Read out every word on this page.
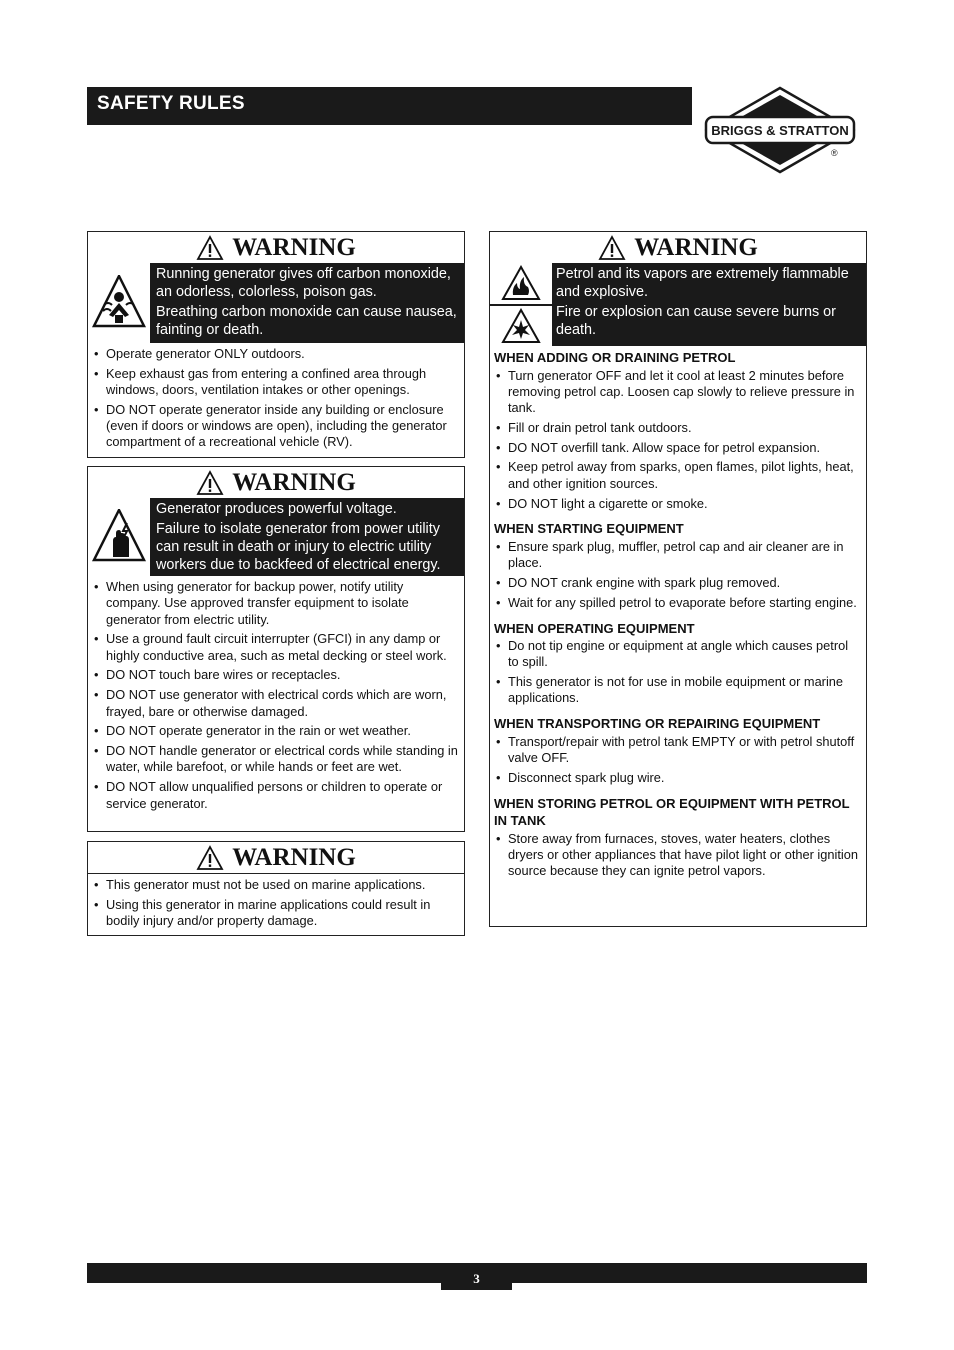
SAFETY RULES
BRIGGS & STRATTON
®
WARNING

Running generator gives off carbon monoxide, an odorless, colorless, poison gas.

Breathing carbon monoxide can cause nausea, fainting or death.

• Operate generator ONLY outdoors.
• Keep exhaust gas from entering a confined area through windows, doors, ventilation intakes or other openings.
• DO NOT operate generator inside any building or enclosure (even if doors or windows are open), including the generator compartment of a recreational vehicle (RV).
WARNING

Generator produces powerful voltage.

Failure to isolate generator from power utility can result in death or injury to electric utility workers due to backfeed of electrical energy.

• When using generator for backup power, notify utility company. Use approved transfer equipment to isolate generator from electric utility.
• Use a ground fault circuit interrupter (GFCI) in any damp or highly conductive area, such as metal decking or steel work.
• DO NOT touch bare wires or receptacles.
• DO NOT use generator with electrical cords which are worn, frayed, bare or otherwise damaged.
• DO NOT operate generator in the rain or wet weather.
• DO NOT handle generator or electrical cords while standing in water, while barefoot, or while hands or feet are wet.
• DO NOT allow unqualified persons or children to operate or service generator.
WARNING
• This generator must not be used on marine applications.
• Using this generator in marine applications could result in bodily injury and/or property damage.
WARNING

Petrol and its vapors are extremely flammable and explosive.

Fire or explosion can cause severe burns or death.

WHEN ADDING OR DRAINING PETROL
• Turn generator OFF and let it cool at least 2 minutes before removing petrol cap. Loosen cap slowly to relieve pressure in tank.
• Fill or drain petrol tank outdoors.
• DO NOT overfill tank. Allow space for petrol expansion.
• Keep petrol away from sparks, open flames, pilot lights, heat, and other ignition sources.
• DO NOT light a cigarette or smoke.
WHEN STARTING EQUIPMENT
• Ensure spark plug, muffler, petrol cap and air cleaner are in place.
• DO NOT crank engine with spark plug removed.
• Wait for any spilled petrol to evaporate before starting engine.
WHEN OPERATING EQUIPMENT
• Do not tip engine or equipment at angle which causes petrol to spill.
• This generator is not for use in mobile equipment or marine applications.
WHEN TRANSPORTING OR REPAIRING EQUIPMENT
• Transport/repair with petrol tank EMPTY or with petrol shutoff valve OFF.
• Disconnect spark plug wire.
WHEN STORING PETROL OR EQUIPMENT WITH PETROL IN TANK
• Store away from furnaces, stoves, water heaters, clothes dryers or other appliances that have pilot light or other ignition source because they can ignite petrol vapors.
3
